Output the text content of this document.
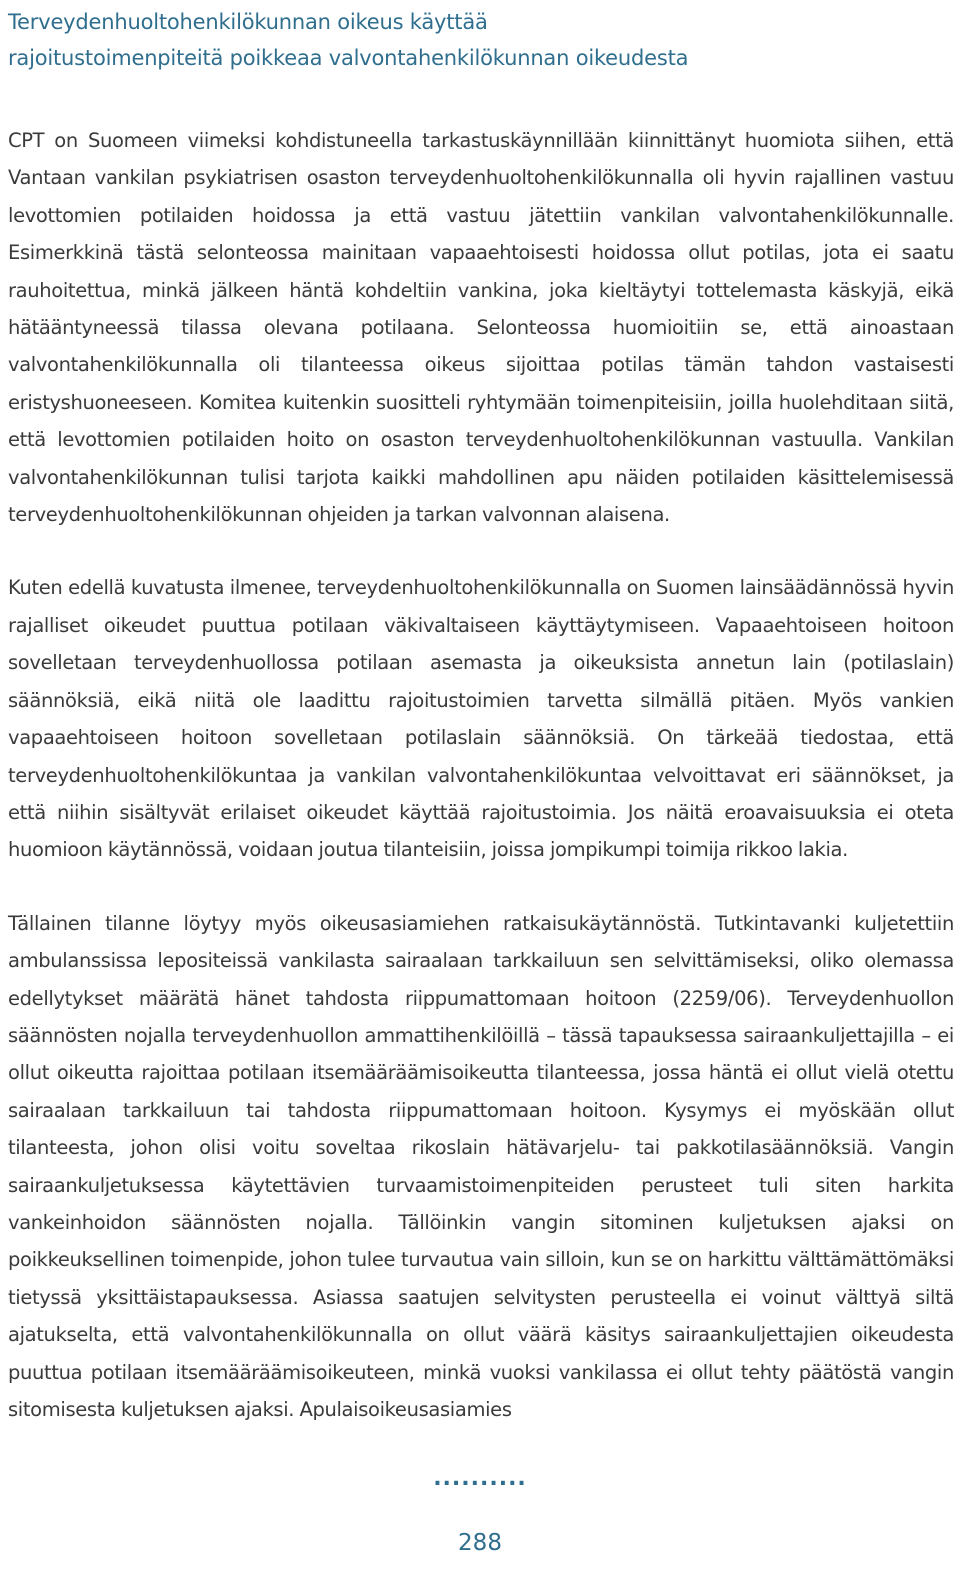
Terveydenhuoltohenkilökunnan oikeus käyttää
rajoitustoimenpiteitä poikkeaa valvontahenkilökunnan oikeudesta

CPT on Suomeen viimeksi kohdistuneella tarkastuskäynnillään kiinnittänyt huomiota siihen, että Vantaan vankilan psykiatrisen osaston terveydenhuoltohenkilökunnalla oli hyvin rajallinen vastuu levottomien potilaiden hoidossa ja että vastuu jätettiin vankilan valvontahenkilökunnalle. Esimerkkinä tästä selonteossa mainitaan vapaaehtoisesti hoidossa ollut potilas, jota ei saatu rauhoitettua, minkä jälkeen häntä kohdeltiin vankina, joka kieltäytyi tottelemasta käskyjä, eikä hätääntyneessä tilassa olevana potilaana. Selonteossa huomioitiin se, että ainoastaan valvontahenkilökunnalla oli tilanteessa oikeus sijoittaa potilas tämän tahdon vastaisesti eristyshuoneeseen. Komitea kuitenkin suositteli ryhtymään toimenpiteisiin, joilla huolehditaan siitä, että levottomien potilaiden hoito on osaston terveydenhuoltohenkilökunnan vastuulla. Vankilan valvontahenkilökunnan tulisi tarjota kaikki mahdollinen apu näiden potilaiden käsittelemisessä terveydenhuoltohenkilökunnan ohjeiden ja tarkan valvonnan alaisena.

Kuten edellä kuvatusta ilmenee, terveydenhuoltohenkilökunnalla on Suomen lainsäädännössä hyvin rajalliset oikeudet puuttua potilaan väkivaltaiseen käyttäytymiseen. Vapaaehtoiseen hoitoon sovelletaan terveydenhuollossa potilaan asemasta ja oikeuksista annetun lain (potilaslain) säännöksiä, eikä niitä ole laadittu rajoitustoimien tarvetta silmällä pitäen. Myös vankien vapaaehtoiseen hoitoon sovelletaan potilaslain säännöksiä. On tärkeää tiedostaa, että terveydenhuoltohenkilökuntaa ja vankilan valvontahenkilökuntaa velvoittavat eri säännökset, ja että niihin sisältyvät erilaiset oikeudet käyttää rajoitustoimia. Jos näitä eroavaisuuksia ei oteta huomioon käytännössä, voidaan joutua tilanteisiin, joissa jompikumpi toimija rikkoo lakia.

Tällainen tilanne löytyy myös oikeusasiamiehen ratkaisukäytännöstä. Tutkintavanki kuljetettiin ambulanssissa lepositeissä vankilasta sairaalaan tarkkailuun sen selvittämiseksi, oliko olemassa edellytykset määrätä hänet tahdosta riippumattomaan hoitoon (2259/06). Terveydenhuollon säännösten nojalla terveydenhuollon ammattihenkilöillä – tässä tapauksessa sairaankuljettajilla – ei ollut oikeutta rajoittaa potilaan itsemääräämisoikeutta tilanteessa, jossa häntä ei ollut vielä otettu sairaalaan tarkkailuun tai tahdosta riippumattomaan hoitoon. Kysymys ei myöskään ollut tilanteesta, johon olisi voitu soveltaa rikoslain hätävarjelu- tai pakkotilasäännöksiä. Vangin sairaankuljetuksessa käytettävien turvaamistoimenpiteiden perusteet tuli siten harkita vankeinhoidon säännösten nojalla. Tällöinkin vangin sitominen kuljetuksen ajaksi on poikkeuksellinen toimenpide, johon tulee turvautua vain silloin, kun se on harkittu välttämättömäksi tietyssä yksittäistapauksessa. Asiassa saatujen selvitysten perusteella ei voinut välttyä siltä ajatukselta, että valvontahenkilökunnalla on ollut väärä käsitys sairaankuljettajien oikeudesta puuttua potilaan itsemääräämisoikeuteen, minkä vuoksi vankilassa ei ollut tehty päätöstä vangin sitomisesta kuljetuksen ajaksi. Apulaisoikeusasiamies

..........
288
